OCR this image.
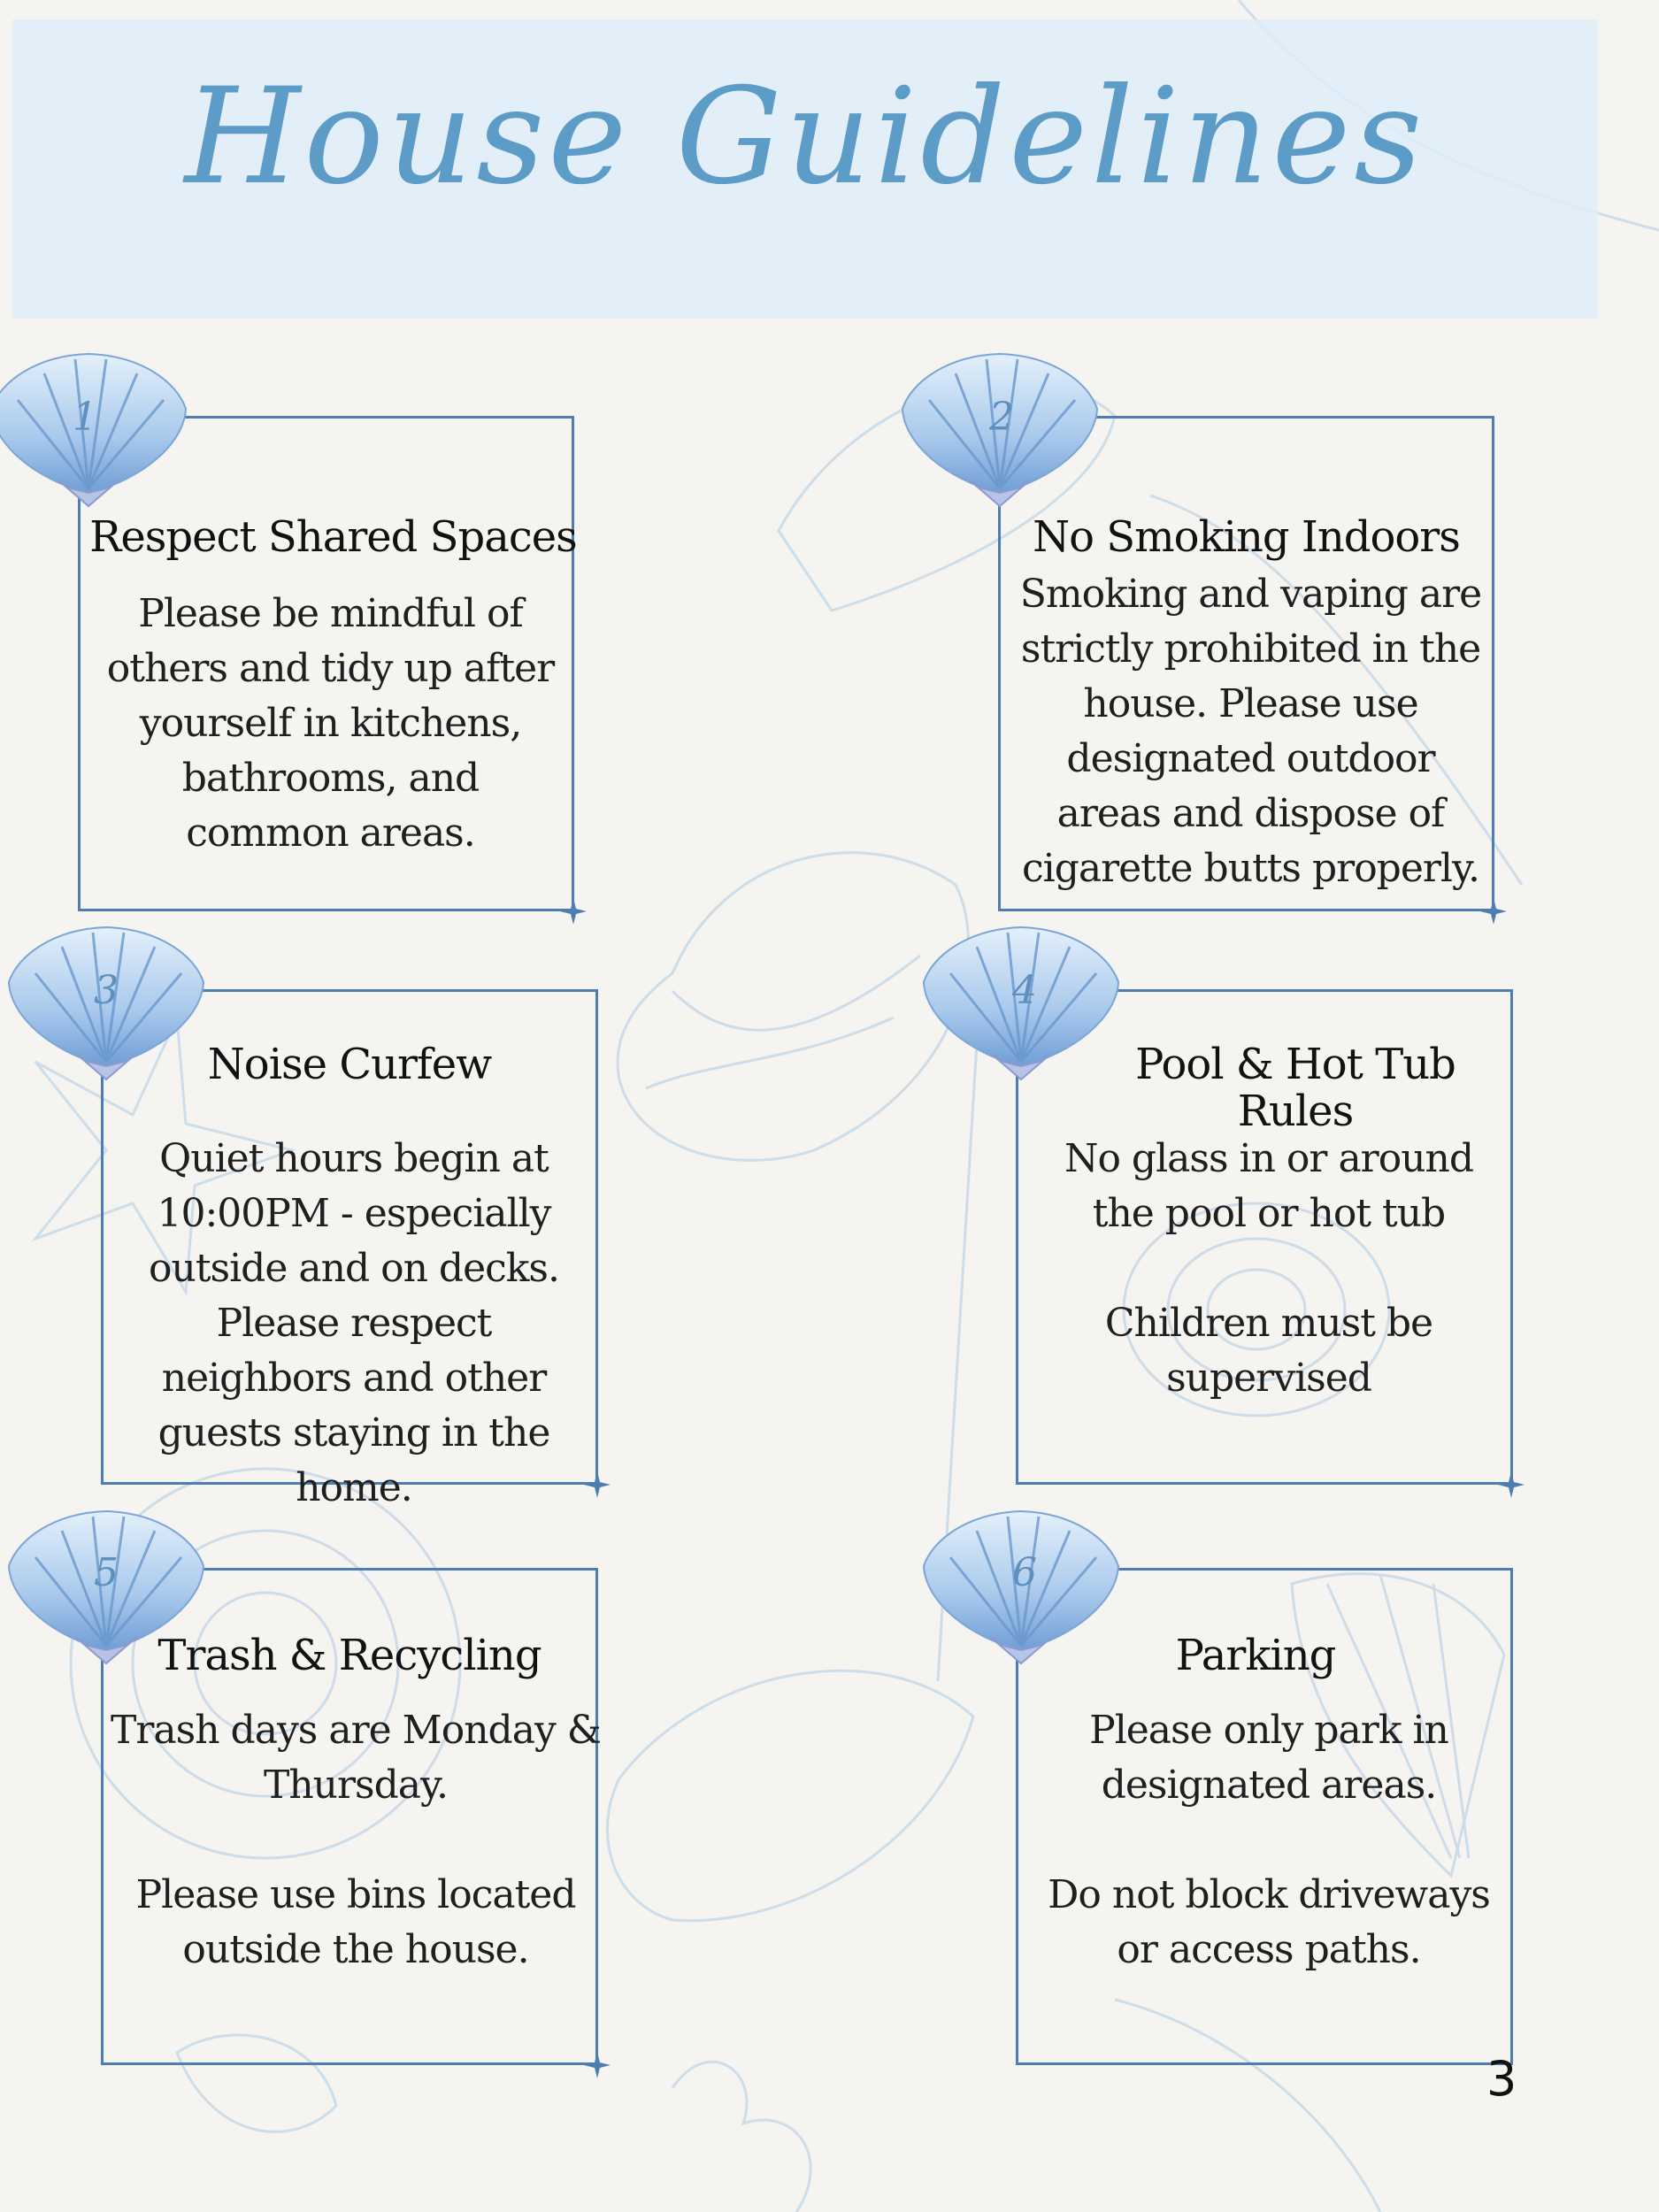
House Guidelines
Respect Shared Spaces

Please be mindful of others and tidy up after yourself in kitchens, bathrooms, and common areas.

1
No Smoking Indoors

Smoking and vaping are strictly prohibited in the house. Please use designated outdoor areas and dispose of cigarette butts properly.

2
Noise Curfew

Quiet hours begin at 10:00PM - especially outside and on decks. Please respect neighbors and other guests staying in the home.

3
Pool & Hot Tub Rules

No glass in or around the pool or hot tub

Children must be supervised

4
Trash & Recycling

Trash days are Monday & Thursday.

Please use bins located outside the house.

5
Parking

Please only park in designated areas.

Do not block driveways or access paths.

6
3
